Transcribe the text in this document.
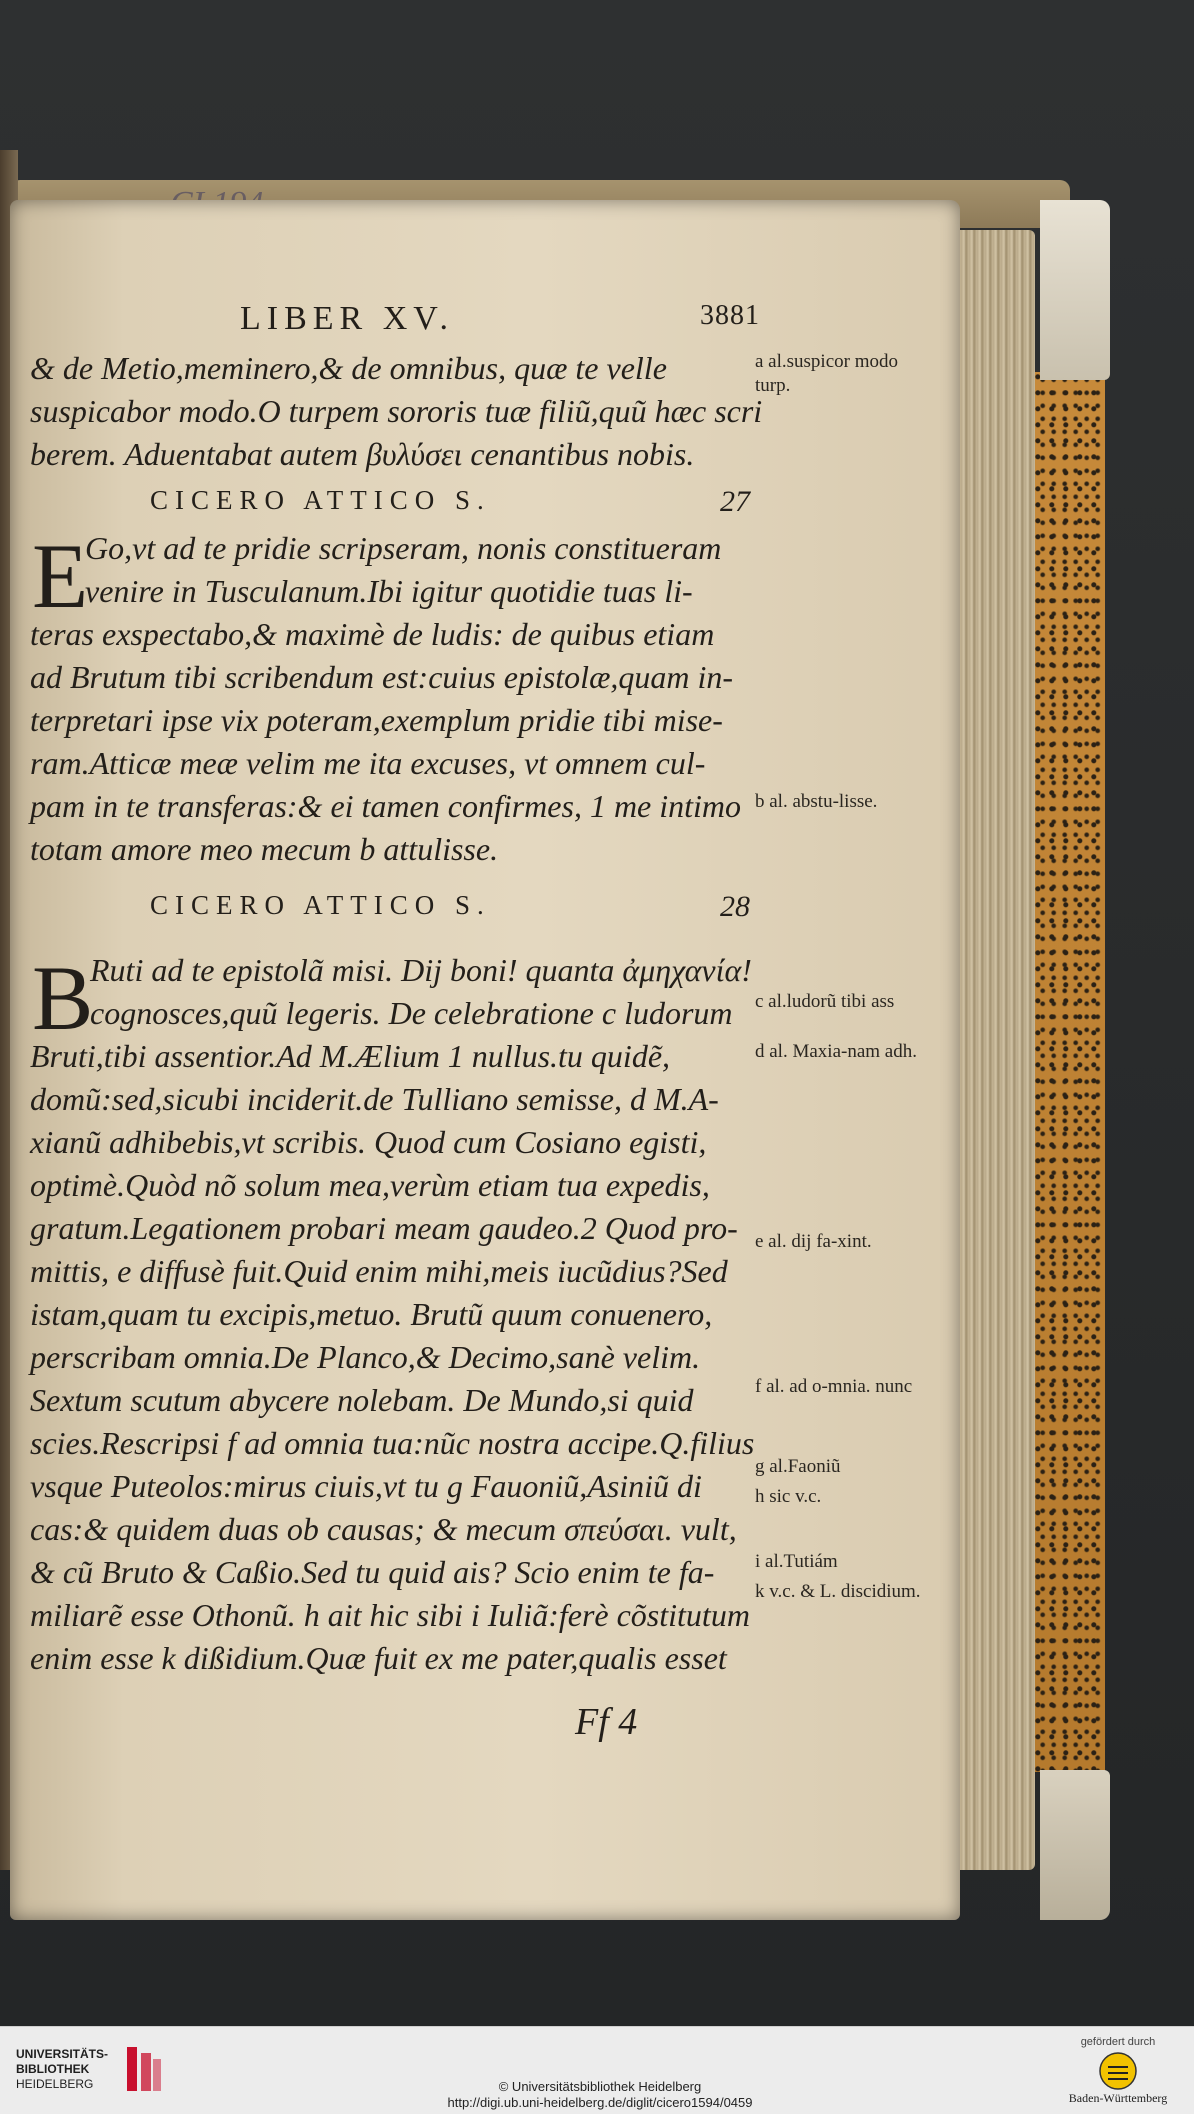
LIBER XV.	3881
& de Metio,meminero,& de omnibus, quæ te velle
suspicabor modo.O turpem sororis tuæ filiũ,quũ hæc scri
berem. Aduentabat autem βυλύσει cenantibus nobis.
CICERO ATTICO S.	27
E
Go,vt ad te pridie scripseram, nonis constitueram
venire in Tusculanum.Ibi igitur quotidie tuas li-
teras exspectabo,& maximè de ludis: de quibus etiam
ad Brutum tibi scribendum est:cuius epistolæ,quam in-
terpretari ipse vix poteram,exemplum pridie tibi mise-
ram.Atticæ meæ velim me ita excuses, vt omnem cul-
pam in te transferas:& ei tamen confirmes, 1 me intimo
totam amore meo mecum b attulisse.
CICERO ATTICO S.	28
B
Ruti ad te epistolã misi. Dij boni! quanta ἀμηχανία!
cognosces,quũ legeris. De celebratione c ludorum
Bruti,tibi assentior.Ad M.Ælium 1 nullus.tu quidẽ,
domũ:sed,sicubi inciderit.de Tulliano semisse, d M.A-
xianũ adhibebis,vt scribis. Quod cum Cosiano egisti,
optimè.Quòd nõ solum mea,verùm etiam tua expedis,
gratum.Legationem probari meam gaudeo.2 Quod pro-
mittis, e diffusè fuit.Quid enim mihi,meis iucũdius?Sed
istam,quam tu excipis,metuo. Brutũ quum conuenero,
perscribam omnia.De Planco,& Decimo,sanè velim.
Sextum scutum abycere nolebam. De Mundo,si quid
scies.Rescripsi f ad omnia tua:nũc nostra accipe.Q.filius
vsque Puteolos:mirus ciuis,vt tu g Fauoniũ,Asiniũ di
cas:& quidem duas ob causas; & mecum σπεύσαι. vult,
& cũ Bruto & Caßio.Sed tu quid ais? Scio enim te fa-
miliarẽ esse Othonũ. h ait hic sibi i Iuliã:ferè cõstitutum
enim esse k dißidium.Quæ fuit ex me pater,qualis esset
Ff 4
a al.suspicor modo turp.
b al. abstu-lisse.
c al.ludorũ tibi ass
d al. Maxia-nam adh.
e al. dij fa-xint.
f al. ad o-mnia. nunc
g al.Faoniũ
h sic v.c.
i al.Tutiám
k v.c. & L. discidium.
UNIVERSITÄTS-
BIBLIOTHEK
HEIDELBERG	© Universitätsbibliothek Heidelberg
http://digi.ub.uni-heidelberg.de/diglit/cicero1594/0459
gefördert durch
Baden-Württemberg
